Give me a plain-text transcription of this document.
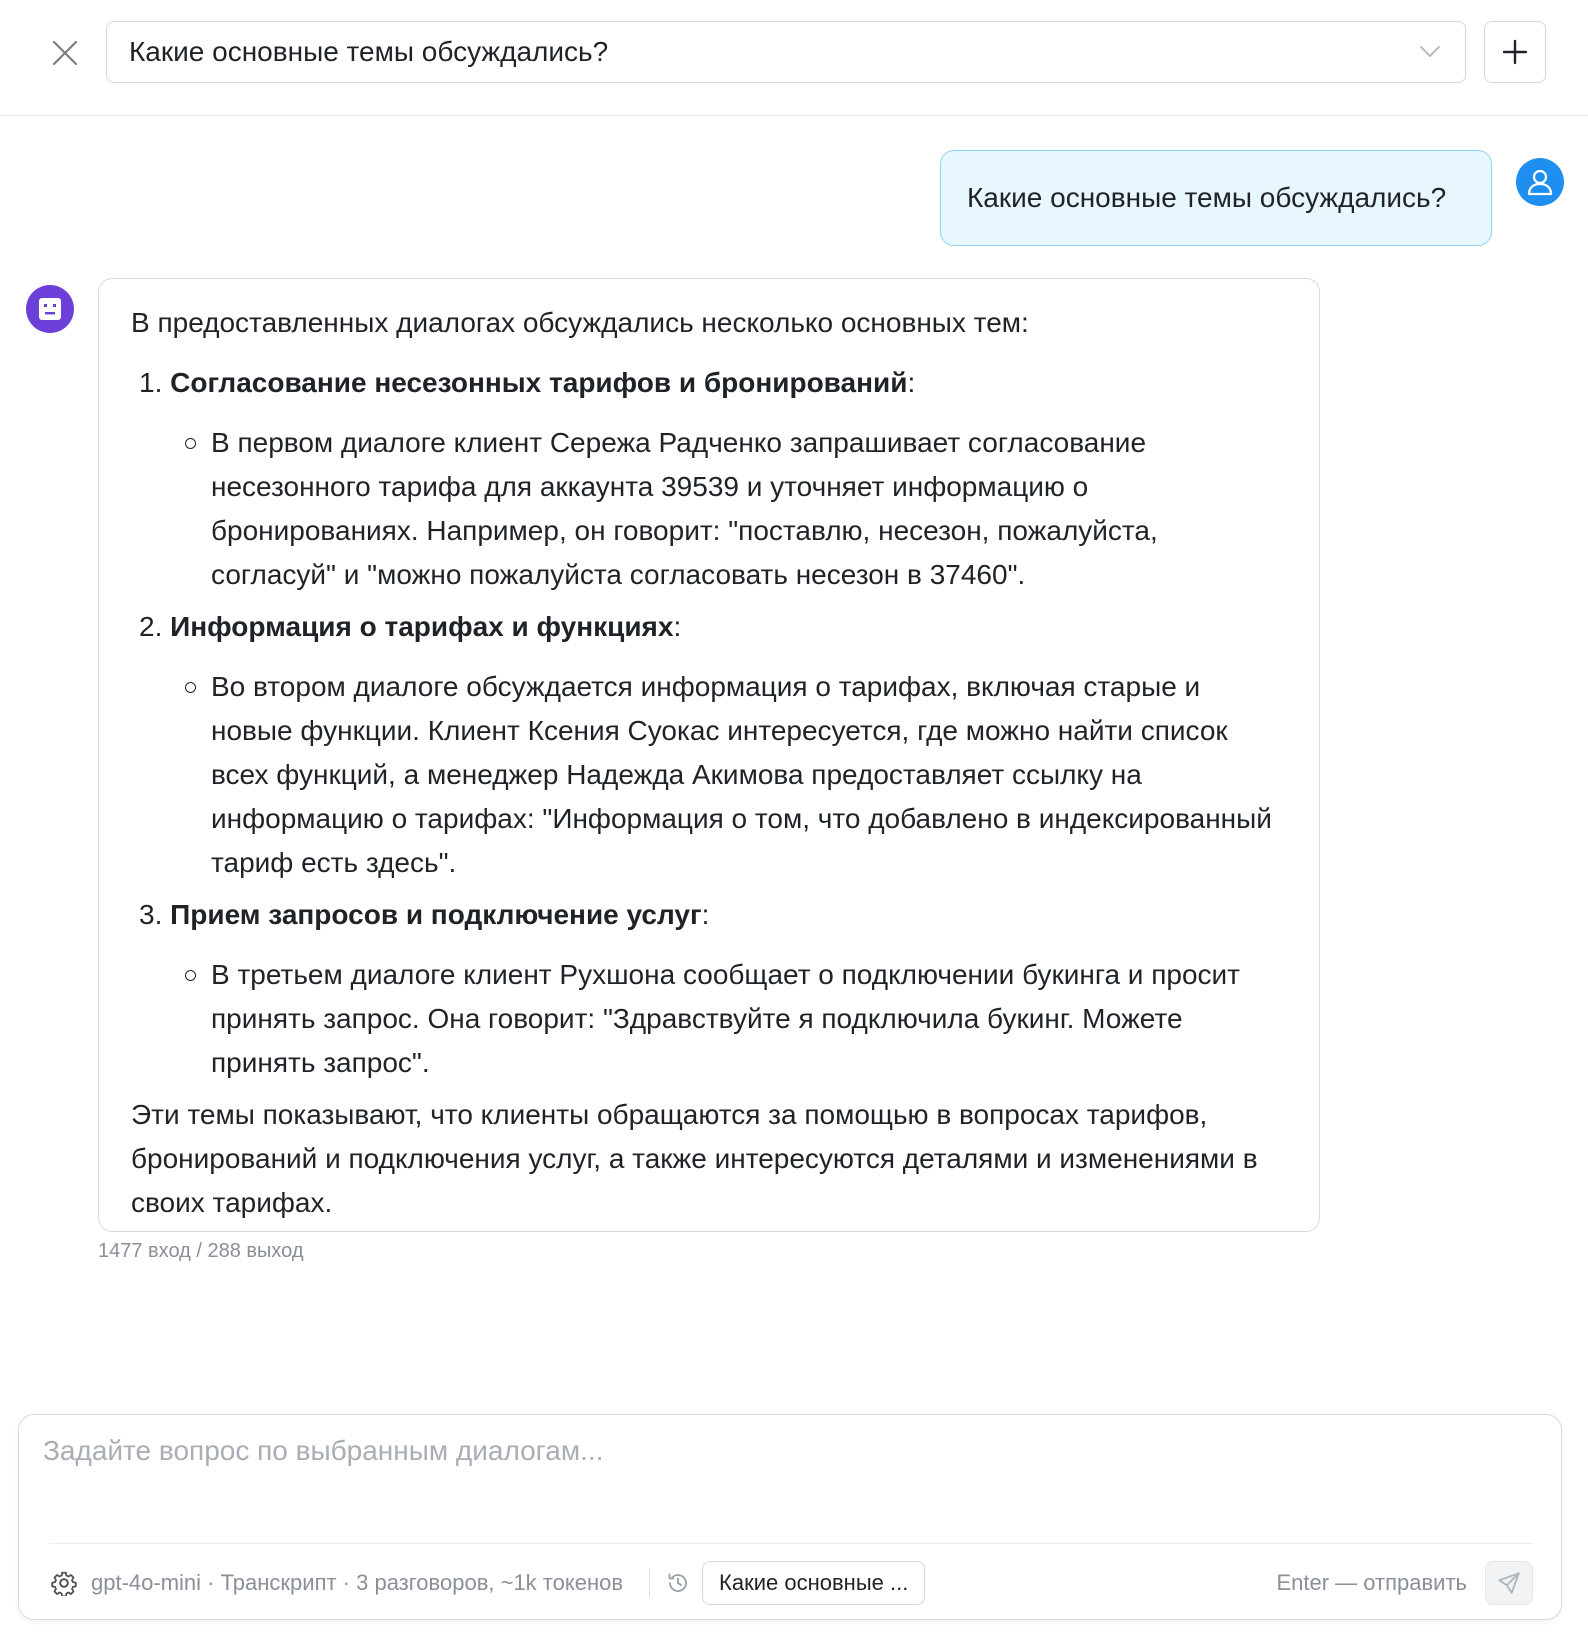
Какие основные темы обсуждались?
Какие основные темы обсуждались?

В предоставленных диалогах обсуждались несколько основных тем:

1. Согласование несезонных тарифов и бронирований:

В первом диалоге клиент Сережа Радченко запрашивает согласование несезонного тарифа для аккаунта 39539 и уточняет информацию о бронированиях. Например, он говорит: "поставлю, несезон, пожалуйста, согласуй" и "можно пожалуйста согласовать несезон в 37460".

2. Информация о тарифах и функциях:

Во втором диалоге обсуждается информация о тарифах, включая старые и новые функции. Клиент Ксения Суокас интересуется, где можно найти список всех функций, а менеджер Надежда Акимова предоставляет ссылку на информацию о тарифах: "Информация о том, что добавлено в индексированный тариф есть здесь".

3. Прием запросов и подключение услуг:

В третьем диалоге клиент Рухшона сообщает о подключении букинга и просит принять запрос. Она говорит: "Здравствуйте я подключила букинг. Можете принять запрос".

Эти темы показывают, что клиенты обращаются за помощью в вопросах тарифов, бронирований и подключения услуг, а также интересуются деталями и изменениями в своих тарифах.

1477 вход / 288 выход
Задайте вопрос по выбранным диалогам...
gpt-4o-mini · Транскрипт · 3 разговоров, ~1k токенов	Какие основные ...	Enter — отправить
